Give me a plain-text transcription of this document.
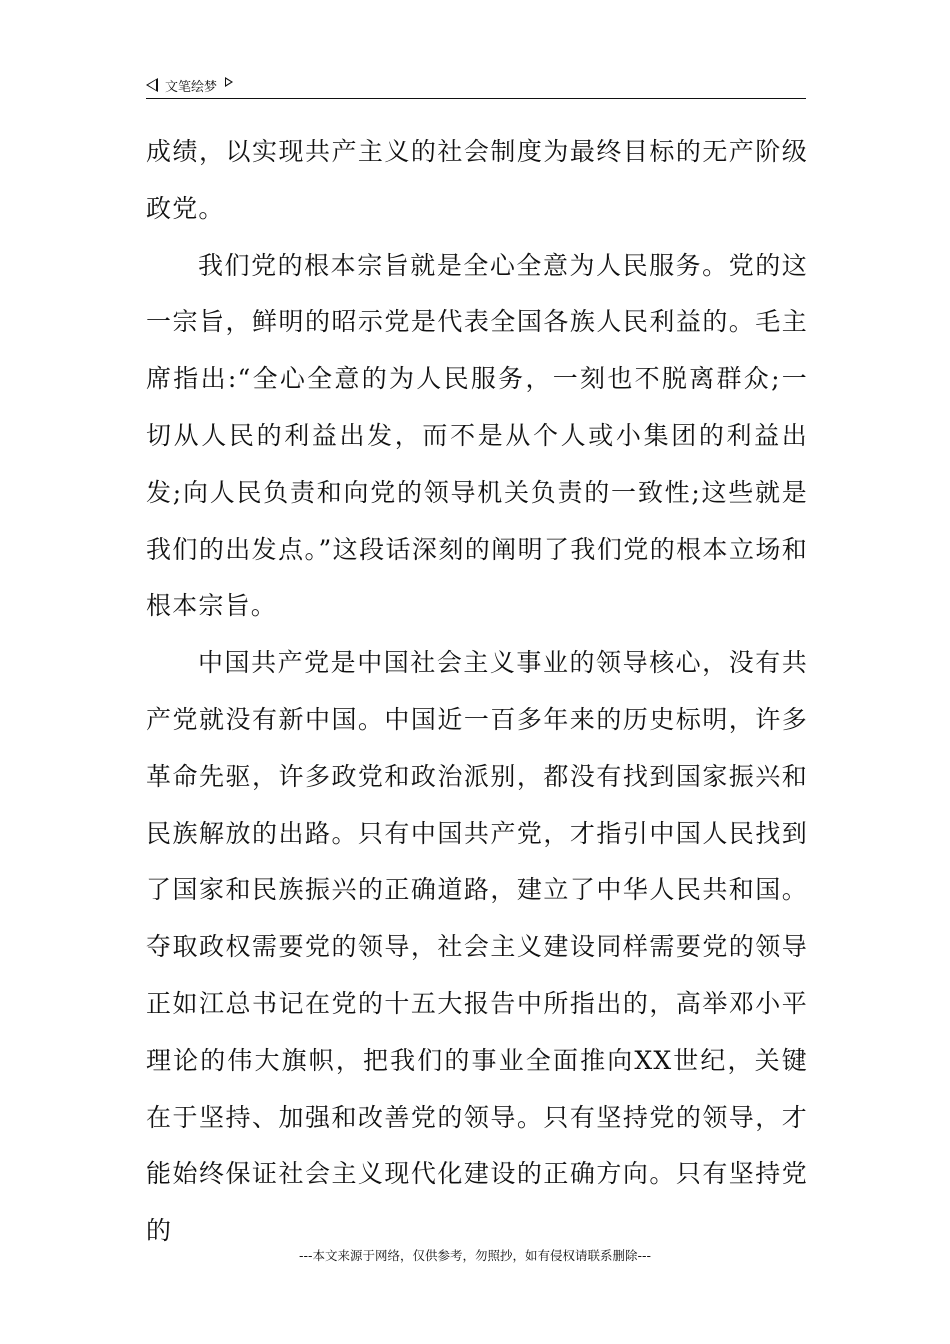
文笔绘梦

成绩，以实现共产主义的社会制度为最终目标的无产阶级政党。

我们党的根本宗旨就是全心全意为人民服务。党的这一宗旨，鲜明的昭示党是代表全国各族人民利益的。毛主席指出:“全心全意的为人民服务，一刻也不脱离群众;一切从人民的利益出发，而不是从个人或小集团的利益出发;向人民负责和向党的领导机关负责的一致性;这些就是我们的出发点。”这段话深刻的阐明了我们党的根本立场和根本宗旨。

中国共产党是中国社会主义事业的领导核心，没有共产党就没有新中国。中国近一百多年来的历史标明，许多革命先驱，许多政党和政治派别，都没有找到国家振兴和民族解放的出路。只有中国共产党，才指引中国人民找到了国家和民族振兴的正确道路，建立了中华人民共和国。夺取政权需要党的领导，社会主义建设同样需要党的领导正如江总书记在党的十五大报告中所指出的，高举邓小平理论的伟大旗帜，把我们的事业全面推向XX世纪，关键在于坚持、加强和改善党的领导。只有坚持党的领导，才能始终保证社会主义现代化建设的正确方向。只有坚持党的

---本文来源于网络，仅供参考，勿照抄，如有侵权请联系删除---
